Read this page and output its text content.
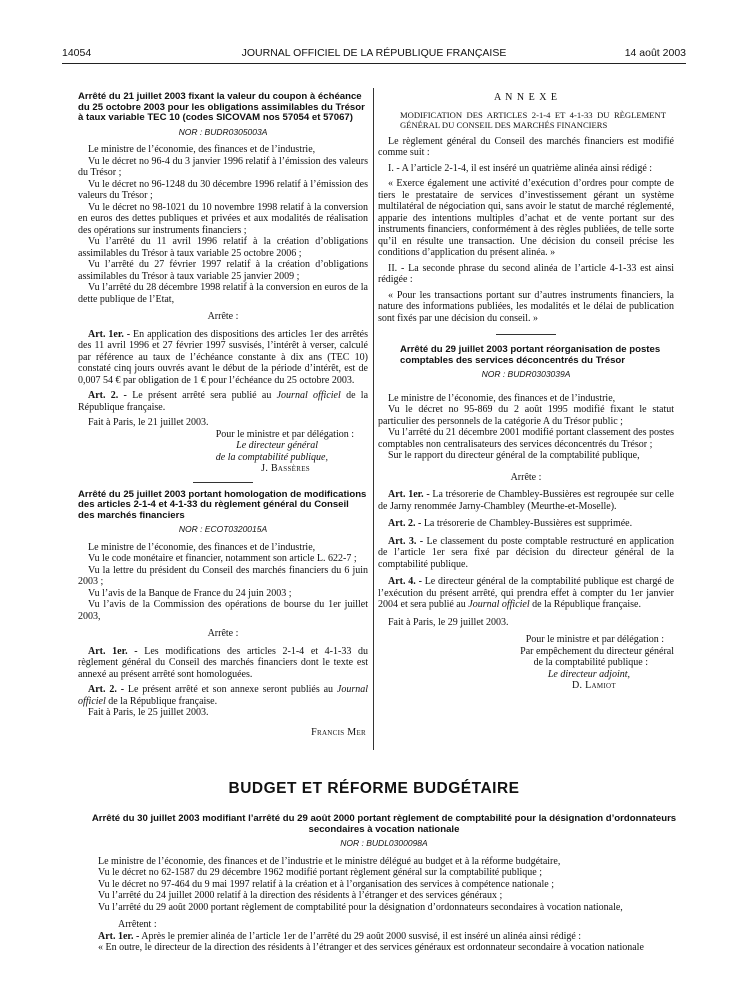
14054	JOURNAL OFFICIEL DE LA RÉPUBLIQUE FRANÇAISE	14 août 2003

Arrêté du 21 juillet 2003 fixant la valeur du coupon à échéance du 25 octobre 2003 pour les obligations assimilables du Trésor à taux variable TEC 10 (codes SICOVAM nos 57054 et 57067)

NOR : BUDR0305003A

Le ministre de l’économie, des finances et de l’industrie,

Vu le décret no 96-4 du 3 janvier 1996 relatif à l’émission des valeurs du Trésor ;

Vu le décret no 96-1248 du 30 décembre 1996 relatif à l’émission des valeurs du Trésor ;

Vu le décret no 98-1021 du 10 novembre 1998 relatif à la conversion en euros des dettes publiques et privées et aux modalités de réalisation des opérations sur instruments financiers ;

Vu l’arrêté du 11 avril 1996 relatif à la création d’obligations assimilables du Trésor à taux variable 25 octobre 2006 ;

Vu l’arrêté du 27 février 1997 relatif à la création d’obligations assimilables du Trésor à taux variable 25 janvier 2009 ;

Vu l’arrêté du 28 décembre 1998 relatif à la conversion en euros de la dette publique de l’Etat,

Arrête :

Art. 1er. - En application des dispositions des articles 1er des arrêtés des 11 avril 1996 et 27 février 1997 susvisés, l’intérêt à verser, calculé par référence au taux de l’échéance constante à dix ans (TEC 10) constaté cinq jours ouvrés avant le début de la période d’intérêt, est de 0,007 54 € par obligation de 1 € pour l’échéance du 25 octobre 2003.

Art. 2. - Le présent arrêté sera publié au Journal officiel de la République française.

Fait à Paris, le 21 juillet 2003.

Pour le ministre et par délégation :

Le directeur général

de la comptabilité publique,

J. Bassères

Arrêté du 25 juillet 2003 portant homologation de modifications des articles 2-1-4 et 4-1-33 du règlement général du Conseil des marchés financiers

NOR : ECOT0320015A

Le ministre de l’économie, des finances et de l’industrie,

Vu le code monétaire et financier, notamment son article L. 622-7 ;

Vu la lettre du président du Conseil des marchés financiers du 6 juin 2003 ;

Vu l’avis de la Banque de France du 24 juin 2003 ;

Vu l’avis de la Commission des opérations de bourse du 1er juillet 2003,

Arrête :

Art. 1er. - Les modifications des articles 2-1-4 et 4-1-33 du règlement général du Conseil des marchés financiers dont le texte est annexé au présent arrêté sont homologuées.

Art. 2. - Le présent arrêté et son annexe seront publiés au Journal officiel de la République française.

Fait à Paris, le 25 juillet 2003.

Francis Mer

A N N E X E

MODIFICATION DES ARTICLES 2-1-4 ET 4-1-33 DU RÈGLEMENT GÉNÉRAL DU CONSEIL DES MARCHÉS FINANCIERS

Le règlement général du Conseil des marchés financiers est modifié comme suit :

I. - A l’article 2-1-4, il est inséré un quatrième alinéa ainsi rédigé :

« Exerce également une activité d’exécution d’ordres pour compte de tiers le prestataire de services d’investissement gérant un système multilatéral de négociation qui, sans avoir le statut de marché réglementé, apparie des intentions multiples d’achat et de vente portant sur des instruments financiers, conformément à des règles publiées, de telle sorte qu’il en résulte une transaction. Une décision du conseil précise les conditions d’application du présent alinéa. »

II. - La seconde phrase du second alinéa de l’article 4-1-33 est ainsi rédigée :

« Pour les transactions portant sur d’autres instruments financiers, la nature des informations publiées, les modalités et le délai de publication sont fixés par une décision du conseil. »

Arrêté du 29 juillet 2003 portant réorganisation de postes comptables des services déconcentrés du Trésor

NOR : BUDR0303039A

Le ministre de l’économie, des finances et de l’industrie,

Vu le décret no 95-869 du 2 août 1995 modifié fixant le statut particulier des personnels de la catégorie A du Trésor public ;

Vu l’arrêté du 21 décembre 2001 modifié portant classement des postes comptables non centralisateurs des services déconcentrés du Trésor ;

Sur le rapport du directeur général de la comptabilité publique,

Arrête :

Art. 1er. - La trésorerie de Chambley-Bussières est regroupée sur celle de Jarny renommée Jarny-Chambley (Meurthe-et-Moselle).

Art. 2. - La trésorerie de Chambley-Bussières est supprimée.

Art. 3. - Le classement du poste comptable restructuré en application de l’article 1er sera fixé par décision du directeur général de la comptabilité publique.

Art. 4. - Le directeur général de la comptabilité publique est chargé de l’exécution du présent arrêté, qui prendra effet à compter du 1er janvier 2004 et sera publié au Journal officiel de la République française.

Fait à Paris, le 29 juillet 2003.

Pour le ministre et par délégation :

Par empêchement du directeur général

de la comptabilité publique :

Le directeur adjoint,

D. Lamiot

BUDGET ET RÉFORME BUDGÉTAIRE

Arrêté du 30 juillet 2003 modifiant l’arrêté du 29 août 2000 portant règlement de comptabilité pour la désignation d’ordonnateurs secondaires à vocation nationale

NOR : BUDL0300098A

Le ministre de l’économie, des finances et de l’industrie et le ministre délégué au budget et à la réforme budgétaire,

Vu le décret no 62-1587 du 29 décembre 1962 modifié portant règlement général sur la comptabilité publique ;

Vu le décret no 97-464 du 9 mai 1997 relatif à la création et à l’organisation des services à compétence nationale ;

Vu l’arrêté du 24 juillet 2000 relatif à la direction des résidents à l’étranger et des services généraux ;

Vu l’arrêté du 29 août 2000 portant règlement de comptabilité pour la désignation d’ordonnateurs secondaires à vocation nationale,

Arrêtent :

Art. 1er. - Après le premier alinéa de l’article 1er de l’arrêté du 29 août 2000 susvisé, il est inséré un alinéa ainsi rédigé :

« En outre, le directeur de la direction des résidents à l’étranger et des services généraux est ordonnateur secondaire à vocation nationale
